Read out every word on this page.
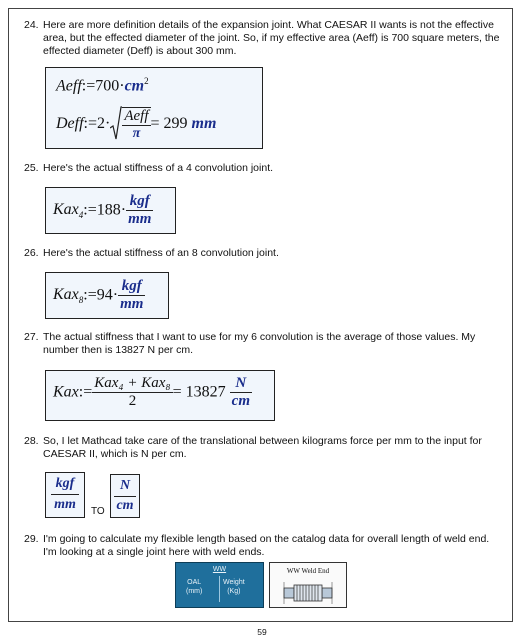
24. Here are more definition details of the expansion joint. What CAESAR II wants is not the effective area, but the effected diameter of the joint. So, if my effective area (Aeff) is 700 square meters, the effected diameter (Deff) is about 300 mm.
$Aeff:=700\cdot cm^2$
Deff:=2· $\frac{\text{Aeff}}{\pi} = 299$ mm
25. Here's the actual stiffness of a 4 convolution joint.
Kax$_4$:=188· $\frac{\text{kgf}}{mm}$
26. Here's the actual stiffness of an 8 convolution joint.
Kax$_8$:=94· $\frac{\text{kgf}}{mm}$
27. The actual stiffness that I want to use for my 6 convolution is the average of those values. My number then is 13827 N per cm.
Kax:= $\frac{\text{Kax₄ + Kax₈}}{2} = 13827 \frac{N}{cm}$
28. So, I let Mathcad take care of the translational between kilograms force per mm to the input for CAESAR II, which is N per cm.
kgf
mm	TO
N
cm
29. I'm going to calculate my flexible length based on the catalog data for overall length of weld end. I'm looking at a single joint here with weld ends.
WW
OAL
(mm)
Weight
(Kg)
WW Weld End
59
